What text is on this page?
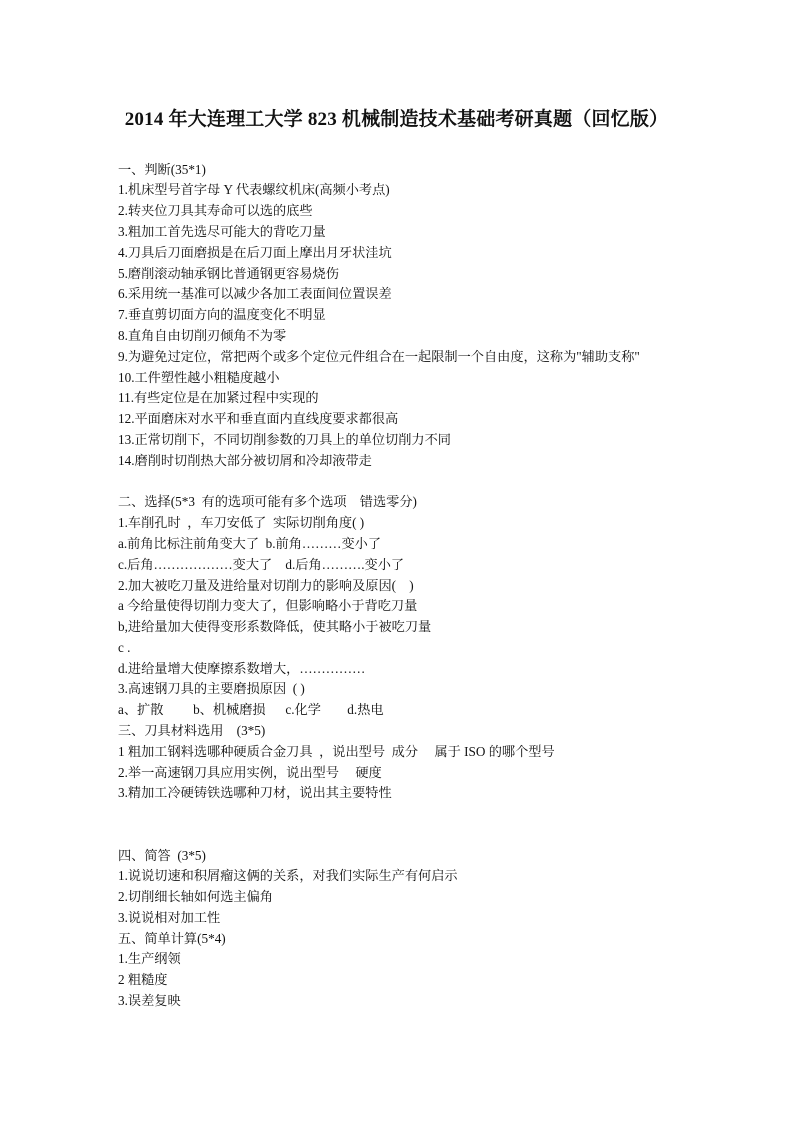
2014 年大连理工大学 823 机械制造技术基础考研真题（回忆版）
一、判断(35*1)
1.机床型号首字母 Y 代表螺纹机床(高频小考点)
2.转夹位刀具其寿命可以选的底些
3.粗加工首先选尽可能大的背吃刀量
4.刀具后刀面磨损是在后刀面上摩出月牙状洼坑
5.磨削滚动轴承钢比普通钢更容易烧伤
6.采用统一基准可以减少各加工表面间位置误差
7.垂直剪切面方向的温度变化不明显
8.直角自由切削刃倾角不为零
9.为避免过定位，常把两个或多个定位元件组合在一起限制一个自由度，这称为"辅助支称"
10.工件塑性越小粗糙度越小
11.有些定位是在加紧过程中实现的
12.平面磨床对水平和垂直面内直线度要求都很高
13.正常切削下，不同切削参数的刀具上的单位切削力不同
14.磨削时切削热大部分被切屑和冷却液带走
二、选择(5*3  有的选项可能有多个选项    错选零分)
1.车削孔时  ，车刀安低了  实际切削角度( )
a.前角比标注前角变大了  b.前角………变小了
c.后角………………变大了    d.后角……….变小了
2.加大被吃刀量及进给量对切削力的影响及原因(    )
a 今给量使得切削力变大了，但影响略小于背吃刀量
b,进给量加大使得变形系数降低，使其略小于被吃刀量
c .
d.进给量增大使摩擦系数增大，……………
3.高速钢刀具的主要磨损原因  ( )
a、扩散         b、机械磨损      c.化学        d.热电
三、刀具材料选用    (3*5)
1 粗加工钢料选哪种硬质合金刀具  ，说出型号  成分     属于 ISO 的哪个型号
2.举一高速钢刀具应用实例，说出型号     硬度
3.精加工冷硬铸铁选哪种刀材，说出其主要特性
四、简答  (3*5)
1.说说切速和积屑瘤这俩的关系，对我们实际生产有何启示
2.切削细长轴如何选主偏角
3.说说相对加工性
五、简单计算(5*4)
1.生产纲领
2 粗糙度
3.误差复映
